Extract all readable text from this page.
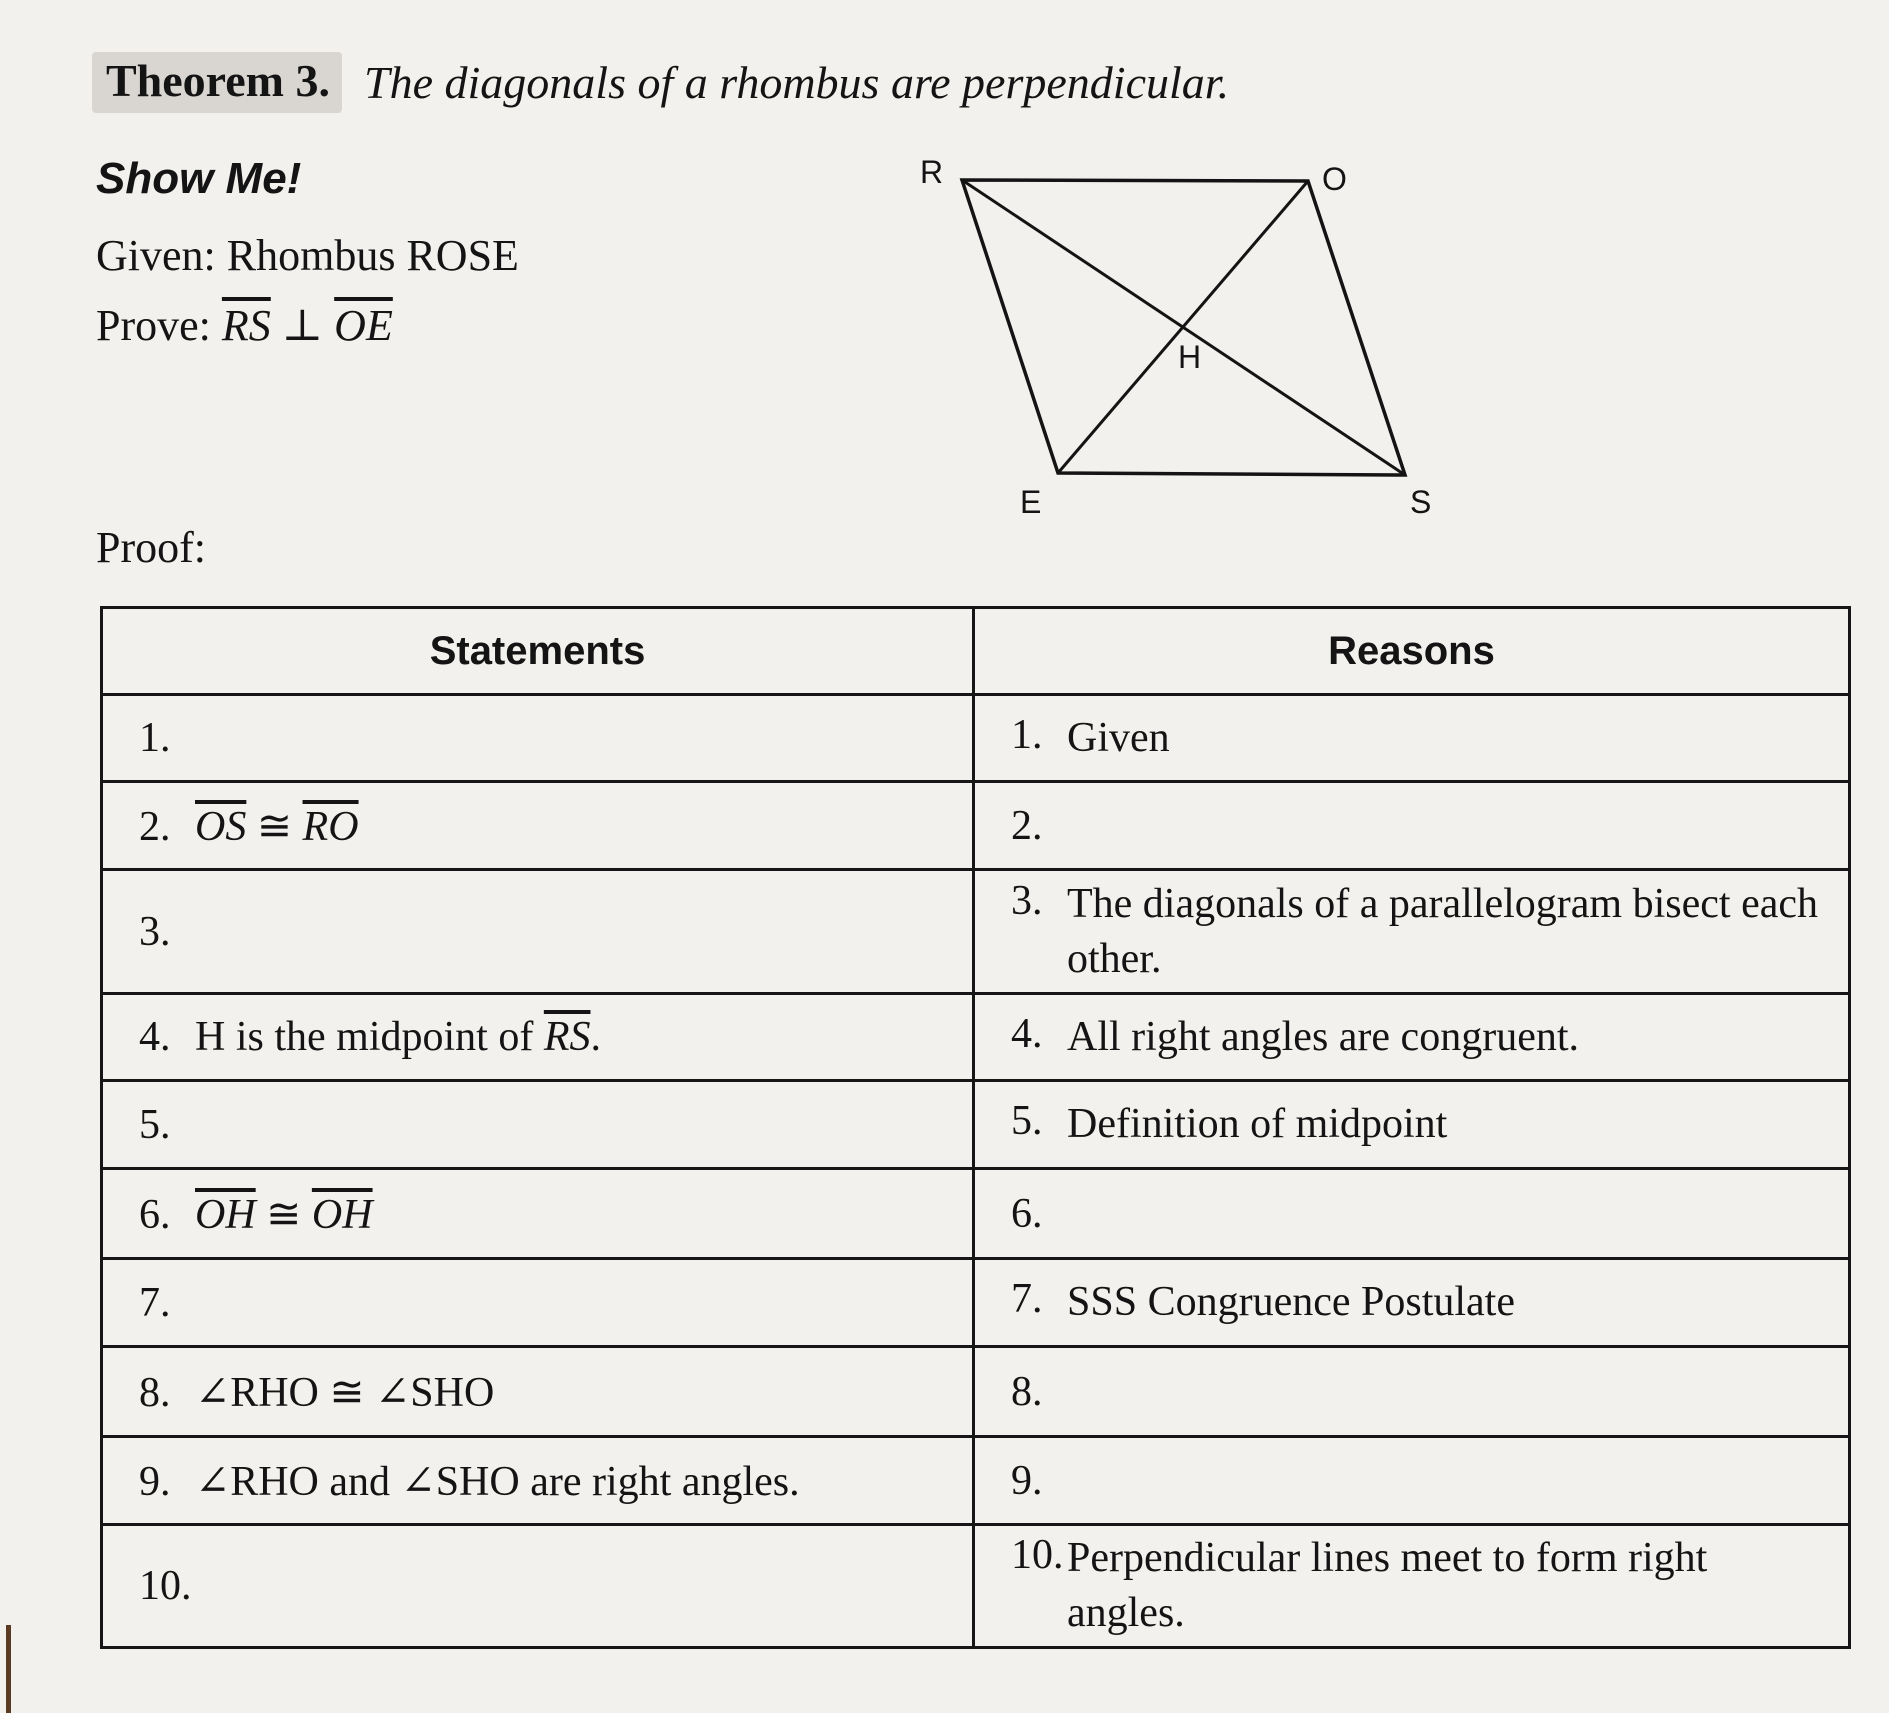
Theorem 3. The diagonals of a rhombus are perpendicular.
Show Me!
Given: Rhombus ROSE
Prove: $\overline{RS}$ ⊥ $\overline{OE}$
R	O
S
E
H
Proof:
Statements	Reasons
1.	1. Given

2. $\overline{OS}$ ≅ $\overline{RO}$	2.

3.	3. The diagonals of a parallelogram bisect each other.

4. H is the midpoint of $\overline{RS}$.	4. All right angles are congruent.

5.	5. Definition of midpoint

6. $\overline{OH}$ ≅ $\overline{OH}$	6.

7.	7. SSS Congruence Postulate

8. ∠RHO ≅ ∠SHO	8.

9. ∠RHO and ∠SHO are right angles.	9.

10.	10. Perpendicular lines meet to form right angles.
